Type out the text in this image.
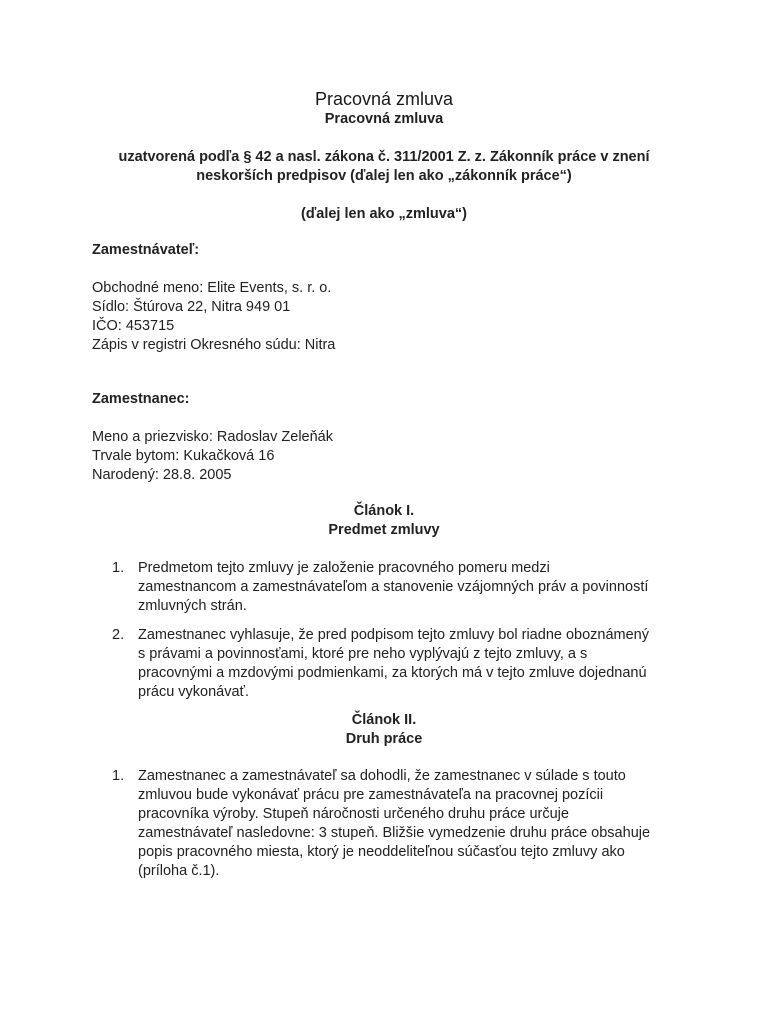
Pracovná zmluva
Pracovná zmluva
uzatvorená podľa § 42 a nasl. zákona č. 311/2001 Z. z. Zákonník práce v znení neskorších predpisov (ďalej len ako „zákonník práce“)
(ďalej len ako „zmluva“)
Zamestnávateľ:
Obchodné meno: Elite Events, s. r. o.
Sídlo: Štúrova 22, Nitra 949 01
IČO: 453715
Zápis v registri Okresného súdu: Nitra
Zamestnanec:
Meno a priezvisko: Radoslav Zeleňák
Trvale bytom: Kukačková 16
Narodený: 28.8. 2005
Článok I.
Predmet zmluvy
1. Predmetom tejto zmluvy je založenie pracovného pomeru medzi
zamestnancom a zamestnávateľom a stanovenie vzájomných práv a povinností
zmluvných strán.
2. Zamestnanec vyhlasuje, že pred podpisom tejto zmluvy bol riadne oboznámený
s právami a povinnosťami, ktoré pre neho vyplývajú z tejto zmluvy, a s
pracovnými a mzdovými podmienkami, za ktorých má v tejto zmluve dojednanú
prácu vykonávať.
Článok II.
Druh práce
1. Zamestnanec a zamestnávateľ sa dohodli, že zamestnanec v súlade s touto
zmluvou bude vykonávať prácu pre zamestnávateľa na pracovnej pozícii
pracovníka výroby. Stupeň náročnosti určeného druhu práce určuje
zamestnávateľ nasledovne: 3 stupeň. Bližšie vymedzenie druhu práce obsahuje
popis pracovného miesta, ktorý je neoddeliteľnou súčasťou tejto zmluvy ako
(príloha č.1).
